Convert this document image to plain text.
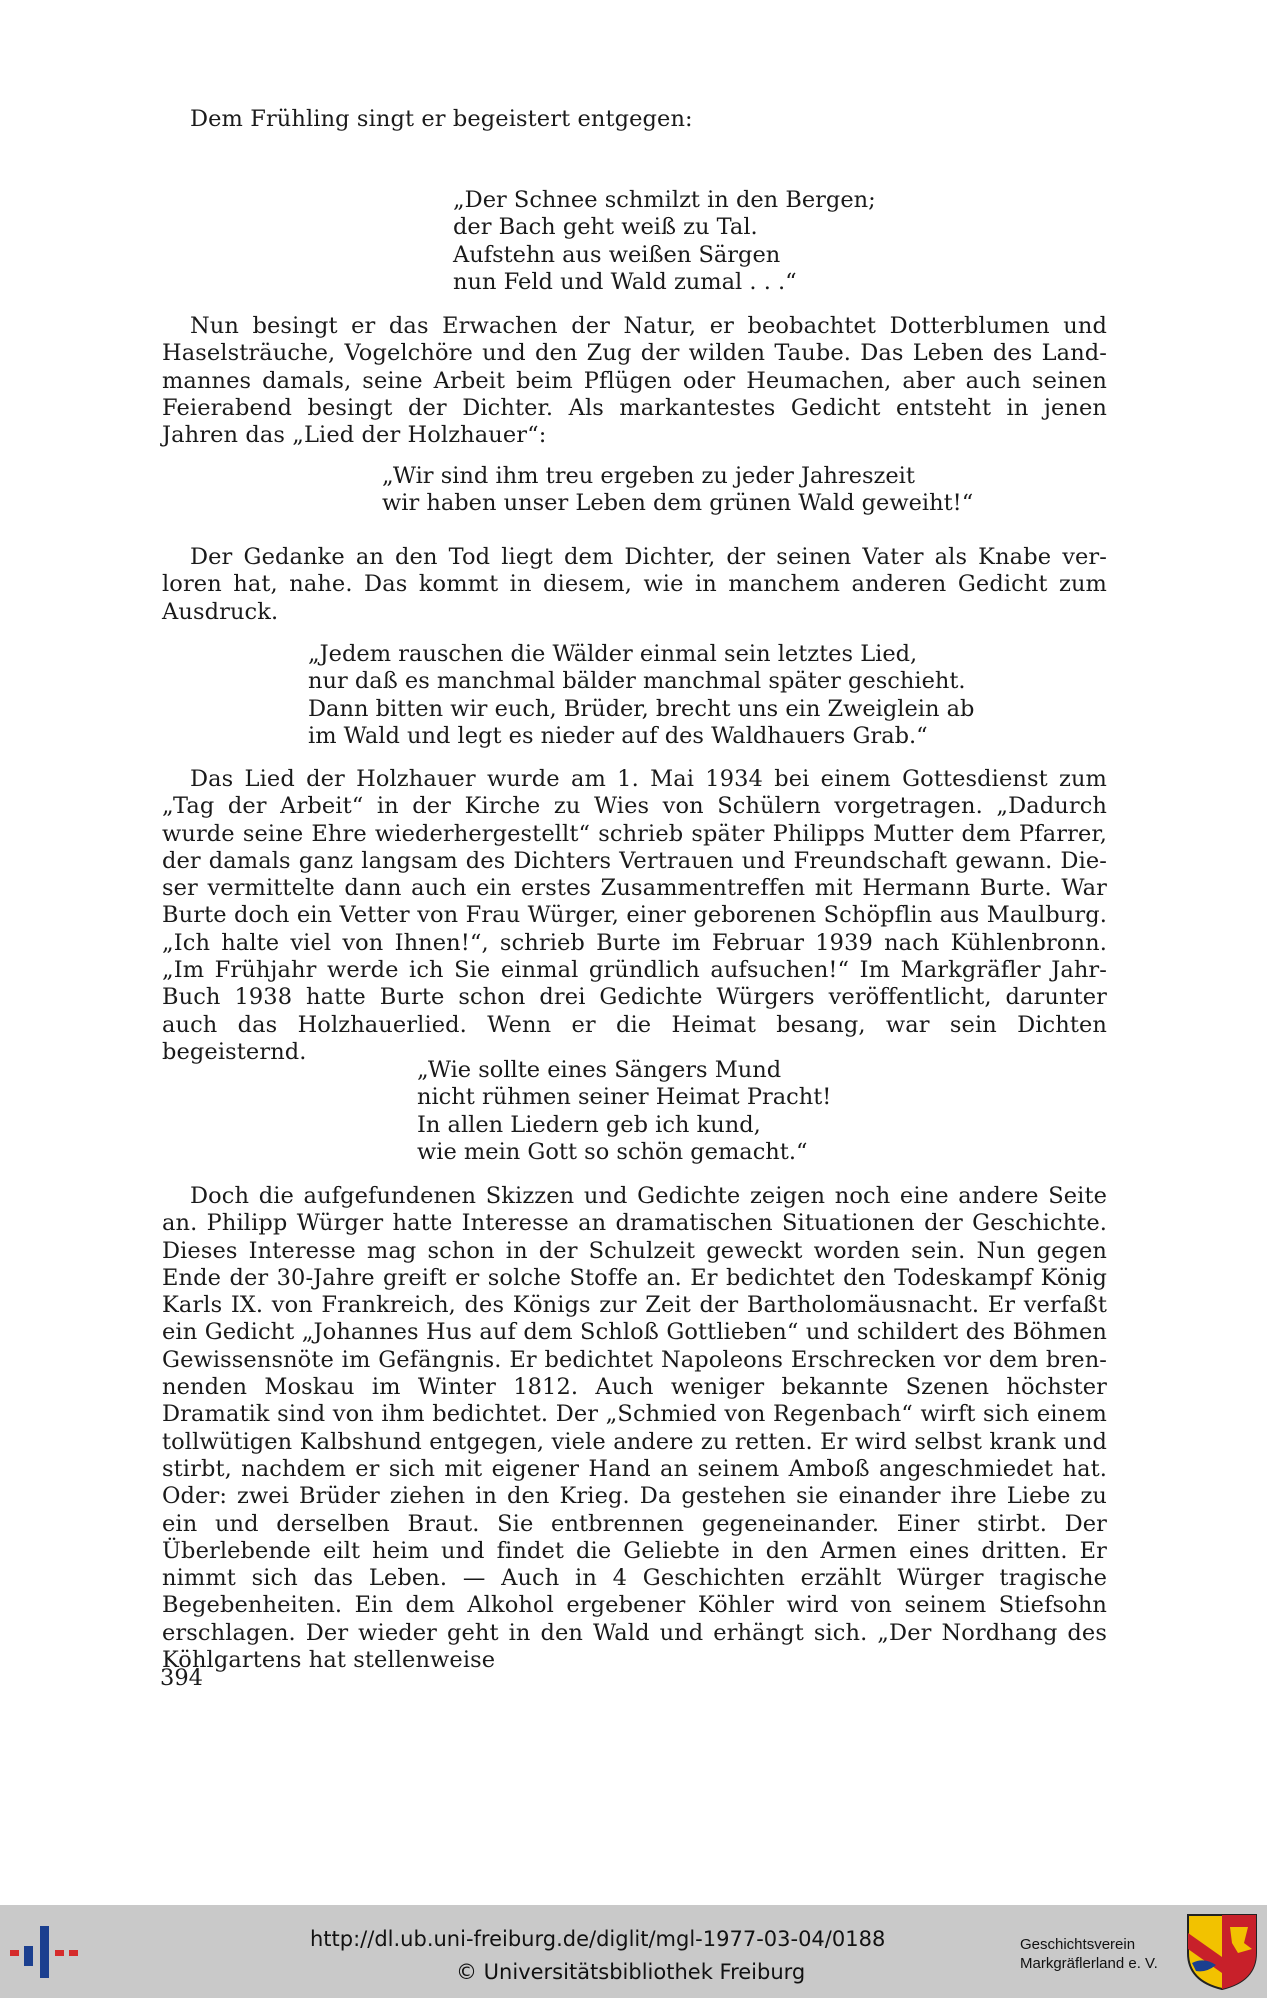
Dem Frühling singt er begeistert entgegen:

„Der Schnee schmilzt in den Bergen;
der Bach geht weiß zu Tal.
Aufstehn aus weißen Särgen
nun Feld und Wald zumal . . .“

Nun besingt er das Erwachen der Natur, er beobachtet Dotterblumen und Haselsträuche, Vogelchöre und den Zug der wilden Taube. Das Leben des Land-mannes damals, seine Arbeit beim Pflügen oder Heumachen, aber auch seinen Feierabend besingt der Dichter. Als markantestes Gedicht entsteht in jenen Jahren das „Lied der Holzhauer“:

„Wir sind ihm treu ergeben zu jeder Jahreszeit
wir haben unser Leben dem grünen Wald geweiht!“

Der Gedanke an den Tod liegt dem Dichter, der seinen Vater als Knabe ver-loren hat, nahe. Das kommt in diesem, wie in manchem anderen Gedicht zum Ausdruck.

„Jedem rauschen die Wälder einmal sein letztes Lied,
nur daß es manchmal bälder manchmal später geschieht.
Dann bitten wir euch, Brüder, brecht uns ein Zweiglein ab
im Wald und legt es nieder auf des Waldhauers Grab.“

Das Lied der Holzhauer wurde am 1. Mai 1934 bei einem Gottesdienst zum „Tag der Arbeit“ in der Kirche zu Wies von Schülern vorgetragen. „Dadurch wurde seine Ehre wiederhergestellt“ schrieb später Philipps Mutter dem Pfarrer, der damals ganz langsam des Dichters Vertrauen und Freundschaft gewann. Die-ser vermittelte dann auch ein erstes Zusammentreffen mit Hermann Burte. War Burte doch ein Vetter von Frau Würger, einer geborenen Schöpflin aus Maulburg. „Ich halte viel von Ihnen!“, schrieb Burte im Februar 1939 nach Kühlenbronn. „Im Frühjahr werde ich Sie einmal gründlich aufsuchen!“ Im Markgräfler Jahr-Buch 1938 hatte Burte schon drei Gedichte Würgers veröffentlicht, darunter auch das Holzhauerlied. Wenn er die Heimat besang, war sein Dichten begeisternd.

„Wie sollte eines Sängers Mund
nicht rühmen seiner Heimat Pracht!
In allen Liedern geb ich kund,
wie mein Gott so schön gemacht.“

Doch die aufgefundenen Skizzen und Gedichte zeigen noch eine andere Seite an. Philipp Würger hatte Interesse an dramatischen Situationen der Geschichte. Dieses Interesse mag schon in der Schulzeit geweckt worden sein. Nun gegen Ende der 30-Jahre greift er solche Stoffe an. Er bedichtet den Todeskampf König Karls IX. von Frankreich, des Königs zur Zeit der Bartholomäusnacht. Er verfaßt ein Gedicht „Johannes Hus auf dem Schloß Gottlieben“ und schildert des Böhmen Gewissensnöte im Gefängnis. Er bedichtet Napoleons Erschrecken vor dem bren-nenden Moskau im Winter 1812. Auch weniger bekannte Szenen höchster Dramatik sind von ihm bedichtet. Der „Schmied von Regenbach“ wirft sich einem tollwütigen Kalbshund entgegen, viele andere zu retten. Er wird selbst krank und stirbt, nachdem er sich mit eigener Hand an seinem Amboß angeschmiedet hat. Oder: zwei Brüder ziehen in den Krieg. Da gestehen sie einander ihre Liebe zu ein und derselben Braut. Sie entbrennen gegeneinander. Einer stirbt. Der Überlebende eilt heim und findet die Geliebte in den Armen eines dritten. Er nimmt sich das Leben. — Auch in 4 Geschichten erzählt Würger tragische Begebenheiten. Ein dem Alkohol ergebener Köhler wird von seinem Stiefsohn erschlagen. Der wieder geht in den Wald und erhängt sich. „Der Nordhang des Köhlgartens hat stellenweise

394
http://dl.ub.uni-freiburg.de/diglit/mgl-1977-03-04/0188
© Universitätsbibliothek Freiburg
Geschichtsverein
Markgräflerland e. V.
